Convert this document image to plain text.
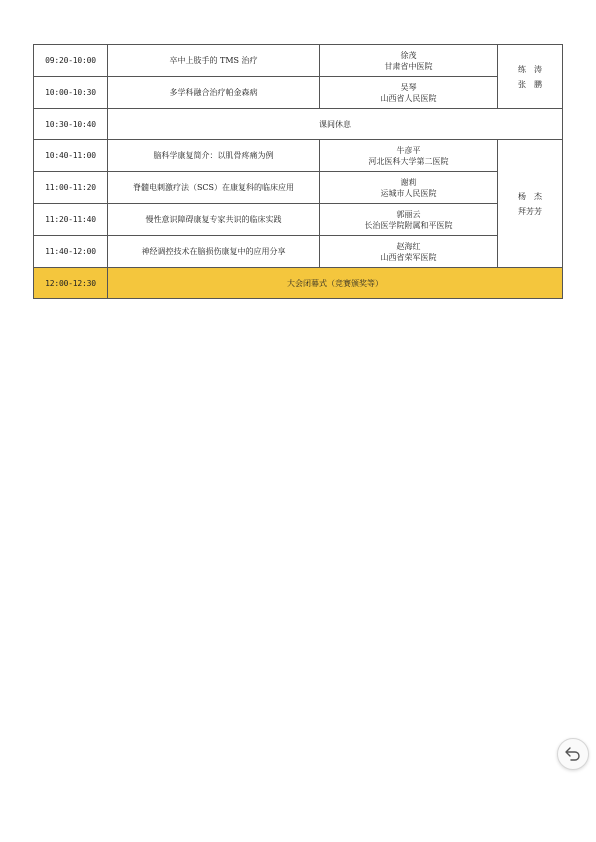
09:20-10:00	卒中上肢手的 TMS 治疗	徐茂
甘肃省中医院	练　涛
张　鹏

10:00-10:30	多学科融合治疗帕金森病	吴琴
山西省人民医院	

10:30-10:40	课间休息		
10:40-11:00	脑科学康复简介：以肌骨疼痛为例	牛彦平
河北医科大学第二医院	杨　杰
拜芳芳

11:00-11:20	脊髓电刺激疗法（SCS）在康复科的临床应用	谢莉
运城市人民医院	

11:20-11:40	慢性意识障碍康复专家共识的临床实践	郭丽云
长治医学院附属和平医院	

11:40-12:00	神经调控技术在脑损伤康复中的应用分享	赵海红
山西省荣军医院	

12:00-12:30	大会闭幕式（竞赛颁奖等）		
